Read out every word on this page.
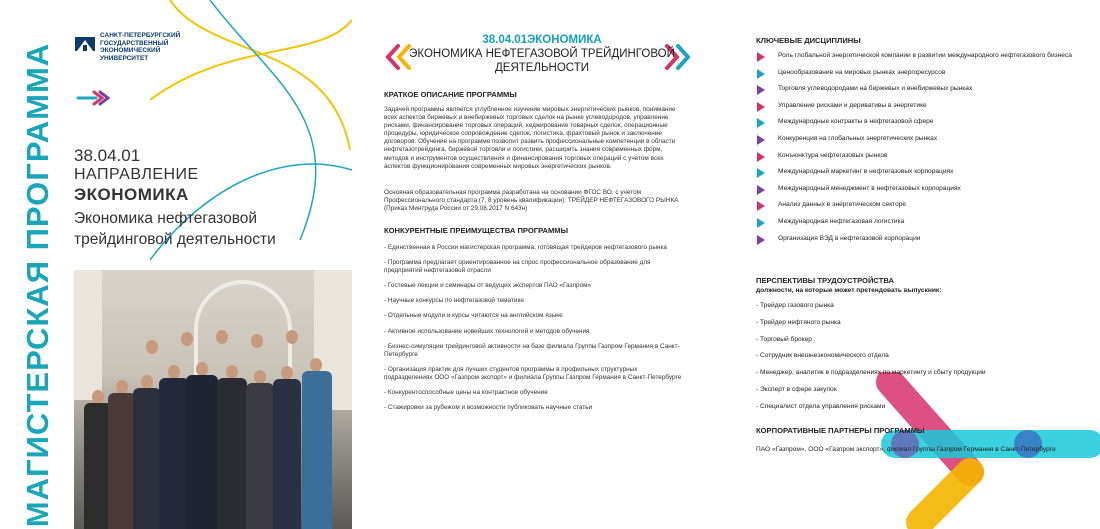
МАГИСТЕРСКАЯ ПРОГРАММА
САНКТ-ПЕТЕРБУРГСКИЙ ГОСУДАРСТВЕННЫЙ ЭКОНОМИЧЕСКИЙ УНИВЕРСИТЕТ
38.04.01
НАПРАВЛЕНИЕ
ЭКОНОМИКА
Экономика нефтегазовой трейдинговой деятельности
38.04.01ЭКОНОМИКА
ЭКОНОМИКА НЕФТЕГАЗОВОЙ ТРЕЙДИНГОВОЙ ДЕЯТЕЛЬНОСТИ
КРАТКОЕ ОПИСАНИЕ ПРОГРАММЫ
Задачей программы является углубленное изучение мировых энергетических рынков, понимание всех аспектов биржевых и внебиржевых торговых сделок на рынке углеводородов, управление рисками, финансирование торговых операций, хеджирование товарных сделок, операционные процедуры, юридическое сопровождение сделок, логистика, фрахтовый рынок и заключение договоров. Обучение на программе позволит развить профессиональные компетенции в области нефтегазотрейдинга, биржевой торговли и логистики, расширить знания современных форм, методов и инструментов осуществления и финансирования торговых операций с учетом всех аспектов функционирования современных мировых энергетических рынков.
Основная образовательная программа разработана на основании ФГОС ВО, с учетом Профессионального стандарта (7, 8 уровень квалификации): ТРЕЙДЕР НЕФТЕГАЗОВОГО РЫНКА (Приказ Минтруда России от 29.08.2017 N 643н)
КОНКУРЕНТНЫЕ ПРЕИМУЩЕСТВА ПРОГРАММЫ
- Единственная в России магистерская программа, готовящая трейдеров нефтегазового рынка
- Программа предлагает ориентированное на спрос профессиональное образование для предприятий нефтегазовой отрасли
- Гостевые лекции и семинары от ведущих экспертов ПАО «Газпром»
- Научные конкурсы по нефтегазовой тематике
- Отдельные модули и курсы читаются на английском языке
- Активное использование новейших технологий и методов обучения
- Бизнес-симуляции трейдинговой активности на базе филиала Группы Газпром Германия в Санкт-Петербурге
- Организация практик для лучших студентов программы в профильных структурных подразделениях ООО «Газпром экспорт» и филиала Группы Газпром Германия в Санкт-Петербурге
- Конкурентоспособные цены на контрактное обучение
- Стажировки за рубежом и возможности публиковать научные статьи
КЛЮЧЕВЫЕ ДИСЦИПЛИНЫ
Роль глобальной энергетической компании в развитии международного нефтегазового бизнеса
Ценообразование на мировых рынках энергоресурсов
Торговля углеводородами на биржевых и внебиржевых рынках
Управление рисками и деривативы в энергетике
Международные контракты в нефтегазовой сфере
Конкуренция на глобальных энергетических рынках
Конъюнктура нефтегазовых рынков
Международный маркетинг в нефтегазовых корпорациях
Международный менеджмент в нефтегазовых корпорациях
Анализ данных в энергетическом секторе
Международная нефтегазовая логистика
Организация ВЭД в нефтегазовой корпорации
ПЕРСПЕКТИВЫ ТРУДОУСТРОЙСТВА
должности, на которые может претендовать выпускник:
- Трейдер газового рынка
- Трейдер нефтяного рынка
- Торговый брокер
- Сотрудник внешнеэкономического отдела
- Менеджер, аналитик в подразделениях по маркетингу и сбыту продукции
- Эксперт в сфере закупок
- Специалист отдела управления рисками
КОРПОРАТИВНЫЕ ПАРТНЕРЫ ПРОГРАММЫ
ПАО «Газпром», ООО «Газпром экспорт», филиал Группы Газпром Германия в Санкт-Петербурге
